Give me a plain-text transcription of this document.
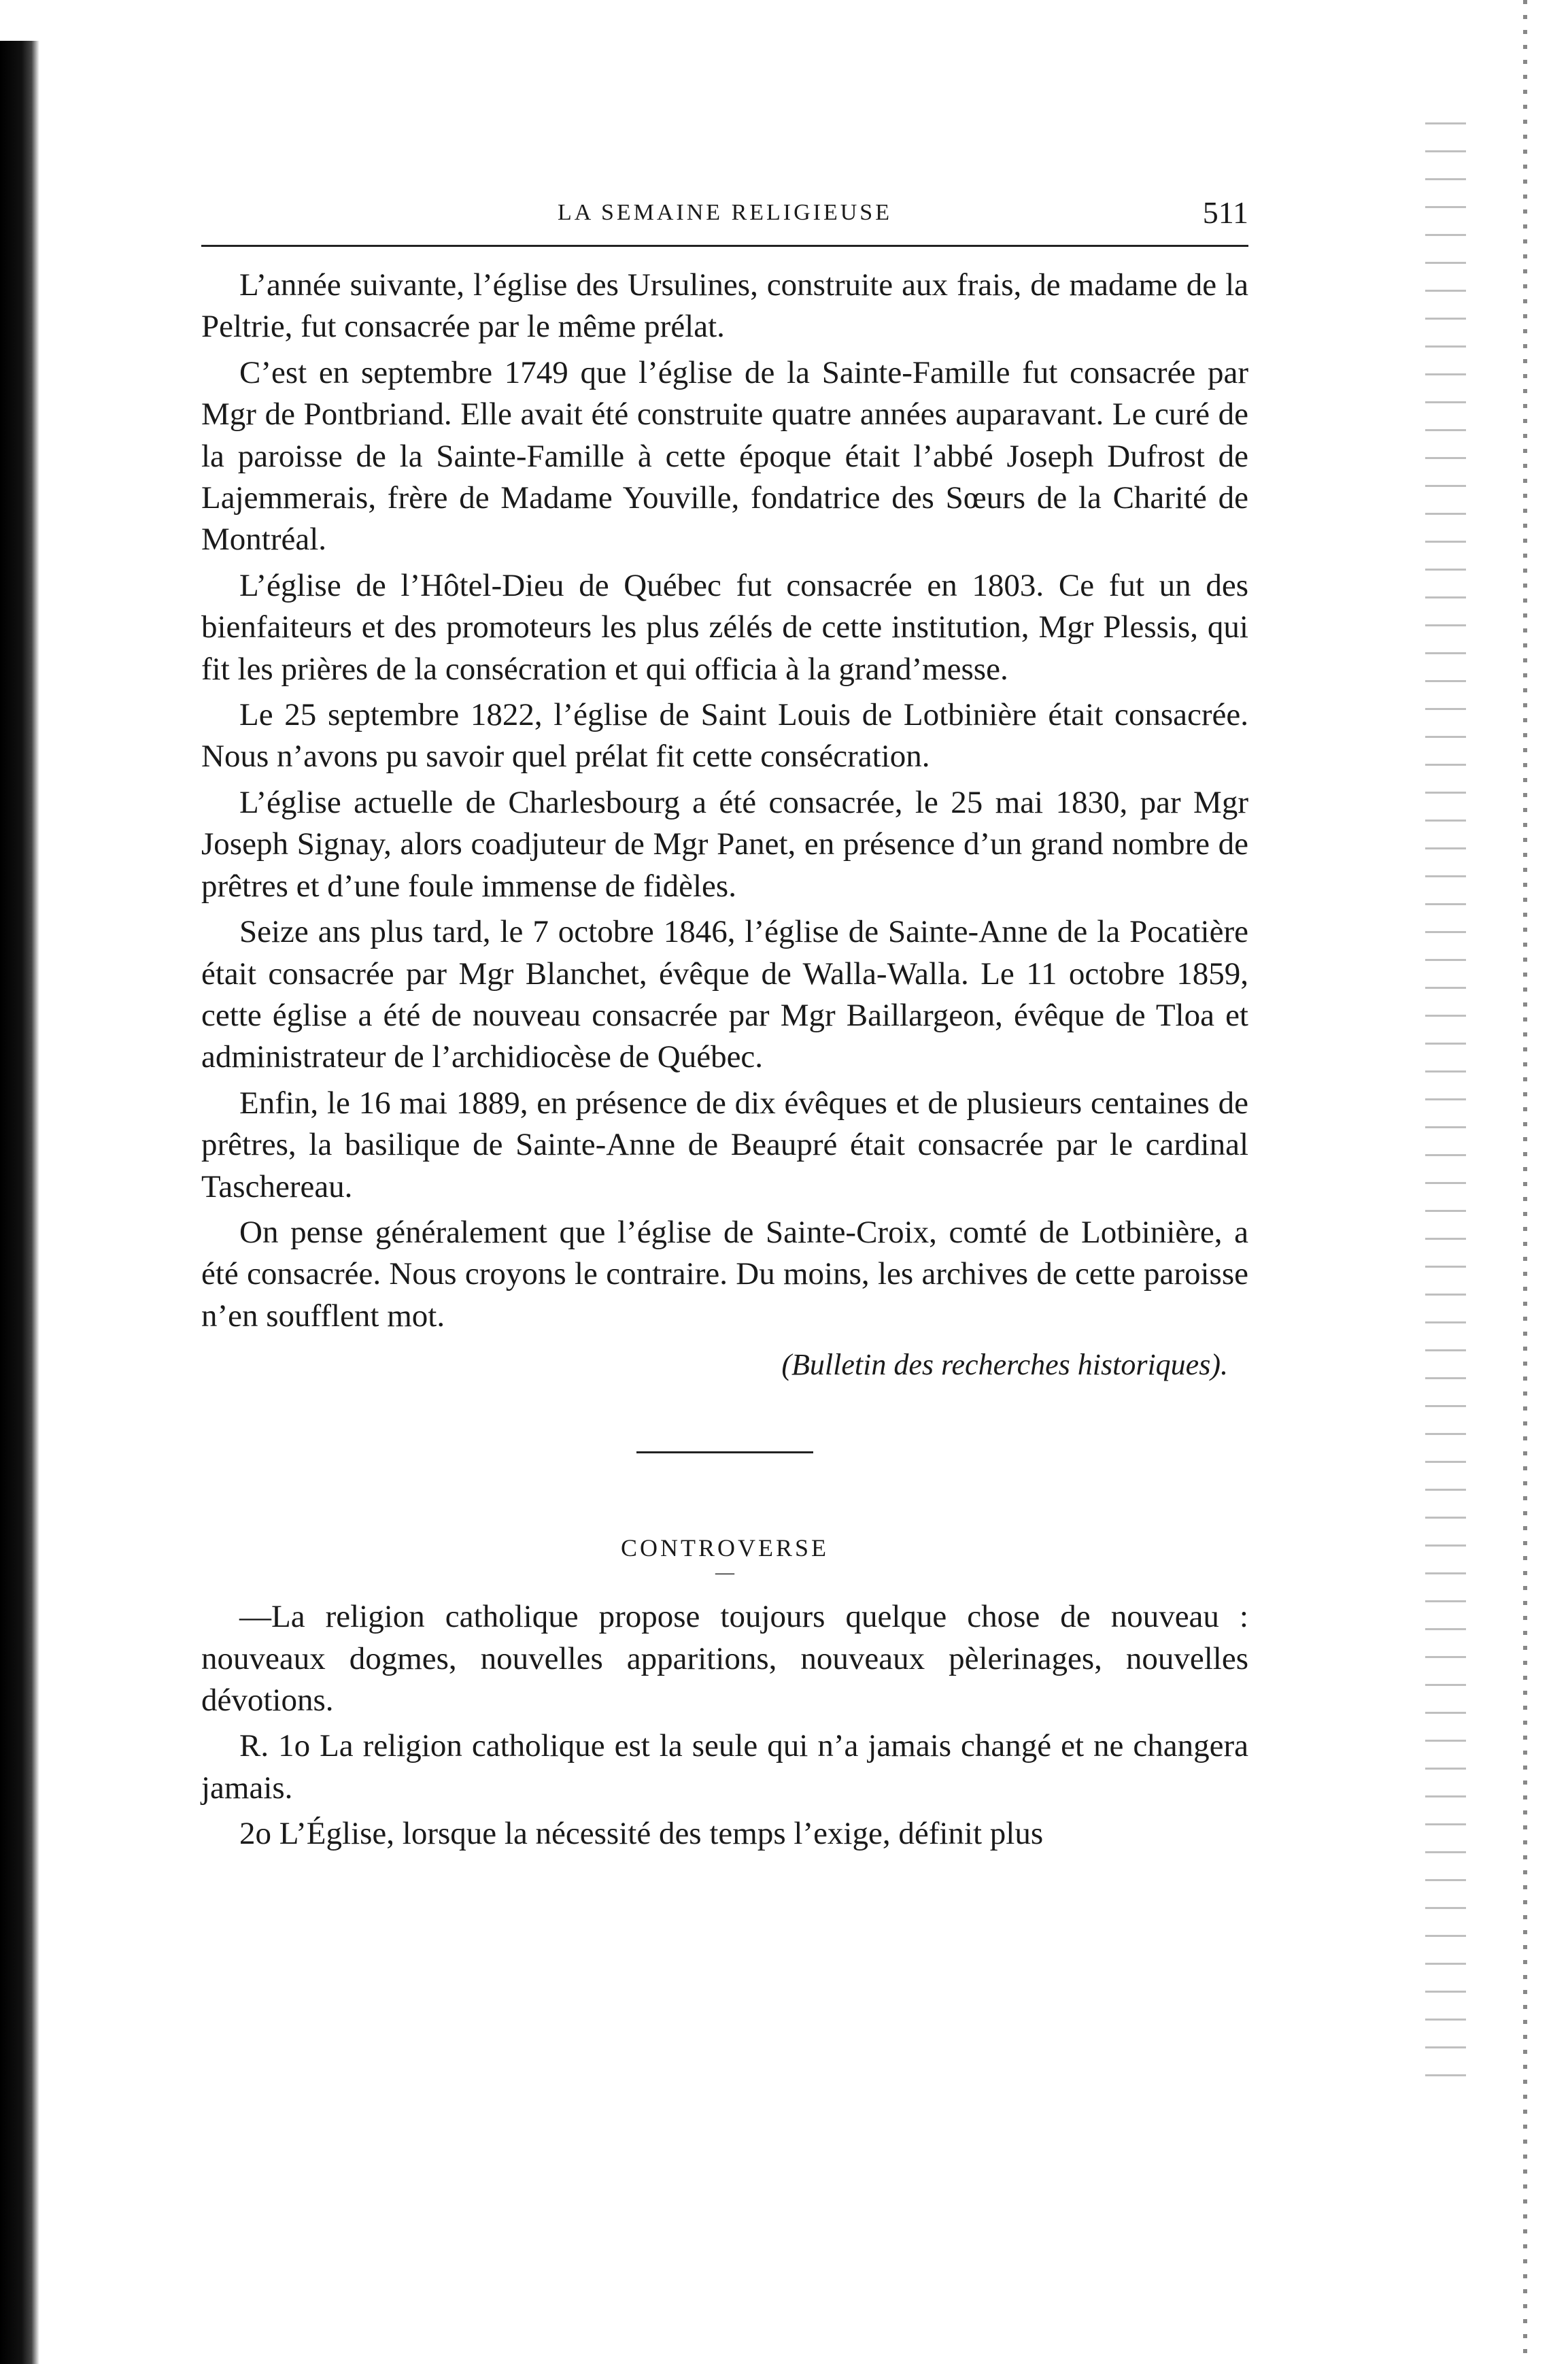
LA SEMAINE RELIGIEUSE	511

L’année suivante, l’église des Ursulines, construite aux frais, de madame de la Peltrie, fut consacrée par le même prélat.

C’est en septembre 1749 que l’église de la Sainte-Famille fut consacrée par Mgr de Pontbriand. Elle avait été construite quatre années auparavant. Le curé de la paroisse de la Sainte-Famille à cette époque était l’abbé Joseph Dufrost de Lajemmerais, frère de Madame Youville, fondatrice des Sœurs de la Charité de Montréal.

L’église de l’Hôtel-Dieu de Québec fut consacrée en 1803. Ce fut un des bienfaiteurs et des promoteurs les plus zélés de cette institution, Mgr Plessis, qui fit les prières de la consécration et qui officia à la grand’messe.

Le 25 septembre 1822, l’église de Saint Louis de Lotbinière était consacrée. Nous n’avons pu savoir quel prélat fit cette consécration.

L’église actuelle de Charlesbourg a été consacrée, le 25 mai 1830, par Mgr Joseph Signay, alors coadjuteur de Mgr Panet, en présence d’un grand nombre de prêtres et d’une foule immense de fidèles.

Seize ans plus tard, le 7 octobre 1846, l’église de Sainte-Anne de la Pocatière était consacrée par Mgr Blanchet, évêque de Walla-Walla. Le 11 octobre 1859, cette église a été de nouveau consacrée par Mgr Baillargeon, évêque de Tloa et administrateur de l’archidiocèse de Québec.

Enfin, le 16 mai 1889, en présence de dix évêques et de plusieurs centaines de prêtres, la basilique de Sainte-Anne de Beaupré était consacrée par le cardinal Taschereau.

On pense généralement que l’église de Sainte-Croix, comté de Lotbinière, a été consacrée. Nous croyons le contraire. Du moins, les archives de cette paroisse n’en soufflent mot.

(Bulletin des recherches historiques).

CONTROVERSE
—

—La religion catholique propose toujours quelque chose de nouveau : nouveaux dogmes, nouvelles apparitions, nouveaux pèlerinages, nouvelles dévotions.

R. 1o La religion catholique est la seule qui n’a jamais changé et ne changera jamais.

2o L’Église, lorsque la nécessité des temps l’exige, définit plus
